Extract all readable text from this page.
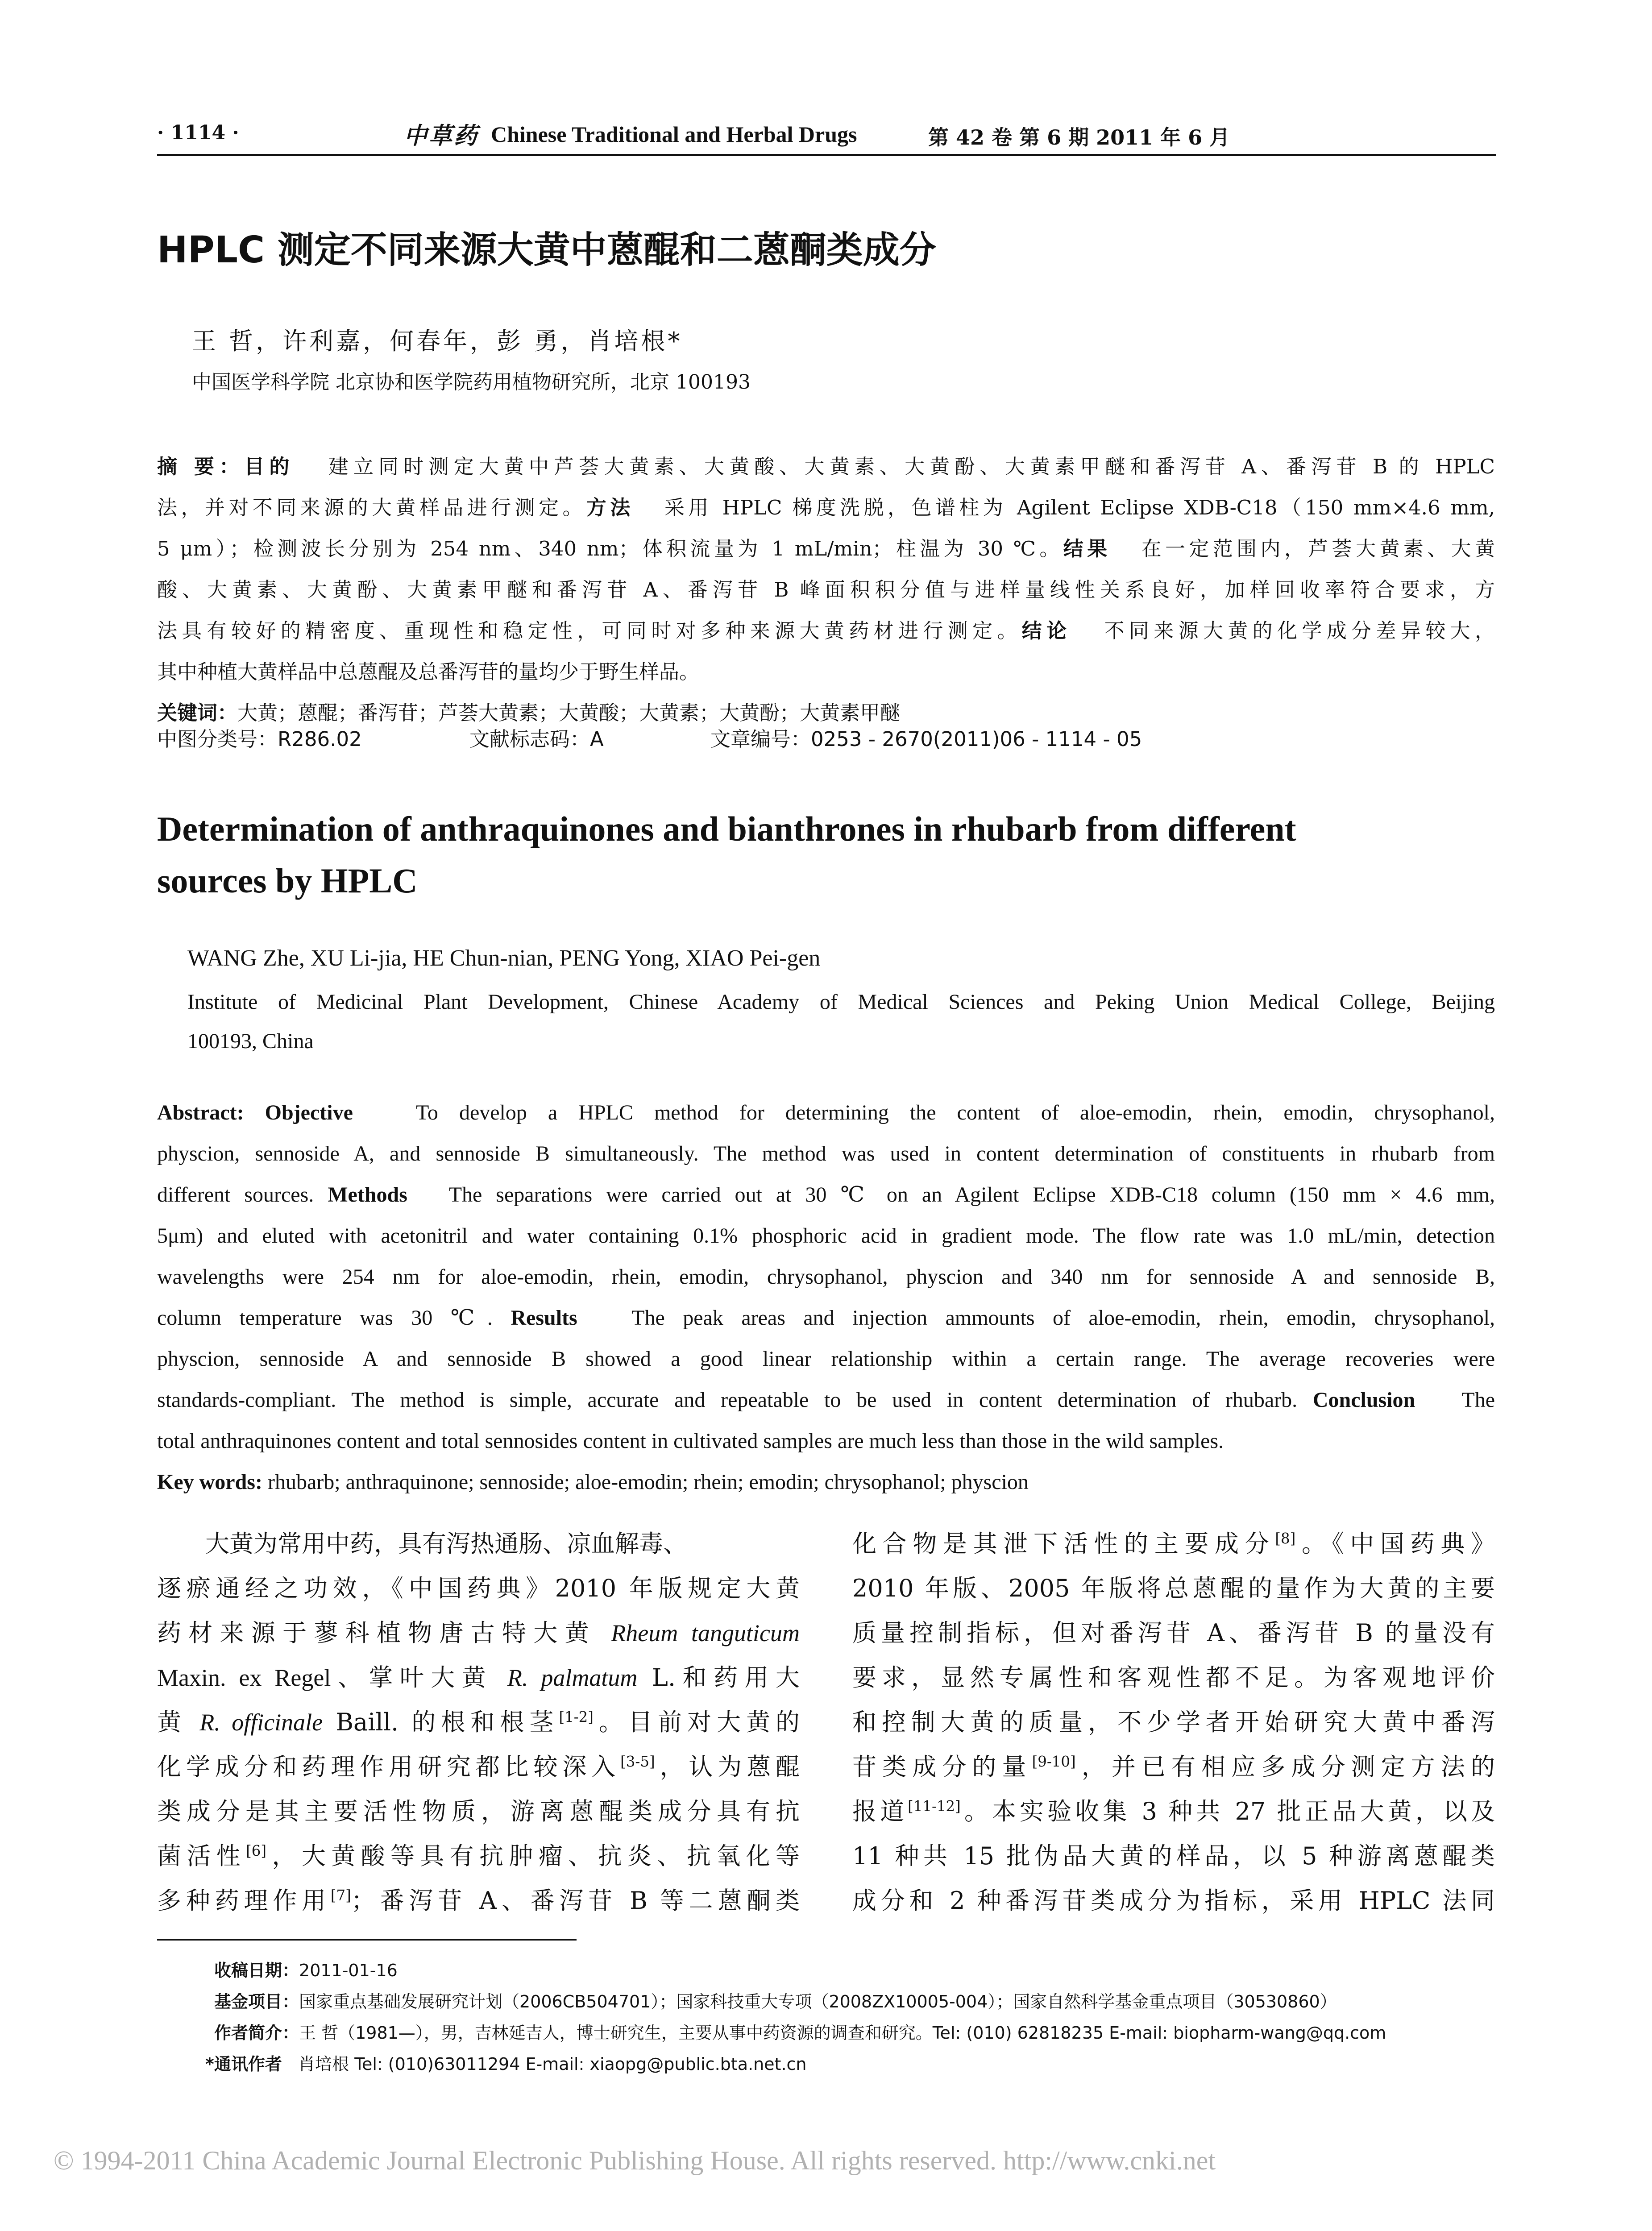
· 1114 ·	中草药 Chinese Traditional and Herbal Drugs	第 42 卷 第 6 期 2011 年 6 月
HPLC 测定不同来源大黄中蒽醌和二蒽酮类成分
王 哲，许利嘉，何春年，彭 勇，肖培根*
中国医学科学院 北京协和医学院药用植物研究所，北京 100193
摘 要：目的 建立同时测定大黄中芦荟大黄素、大黄酸、大黄素、大黄酚、大黄素甲醚和番泻苷 A、番泻苷 B 的 HPLC
法，并对不同来源的大黄样品进行测定。方法 采用 HPLC 梯度洗脱，色谱柱为 Agilent Eclipse XDB-C18（150 mm×4.6 mm,
5 μm）；检测波长分别为 254 nm、340 nm；体积流量为 1 mL/min；柱温为 30 ℃。结果 在一定范围内，芦荟大黄素、大黄
酸、大黄素、大黄酚、大黄素甲醚和番泻苷 A、番泻苷 B 峰面积积分值与进样量线性关系良好，加样回收率符合要求，方
法具有较好的精密度、重现性和稳定性，可同时对多种来源大黄药材进行测定。结论 不同来源大黄的化学成分差异较大，
其中种植大黄样品中总蒽醌及总番泻苷的量均少于野生样品。
关键词：大黄；蒽醌；番泻苷；芦荟大黄素；大黄酸；大黄素；大黄酚；大黄素甲醚
中图分类号：R286.02	文献标志码：A	文章编号：0253 - 2670(2011)06 - 1114 - 05
Determination of anthraquinones and bianthrones in rhubarb from different
sources by HPLC
WANG Zhe, XU Li-jia, HE Chun-nian, PENG Yong, XIAO Pei-gen
Institute of Medicinal Plant Development, Chinese Academy of Medical Sciences and Peking Union Medical College, Beijing
100193, China
Abstract: Objective	To develop a HPLC method for determining the content of aloe-emodin, rhein, emodin, chrysophanol,
physcion, sennoside A, and sennoside B simultaneously. The method was used in content determination of constituents in rhubarb from
different sources. Methods The separations were carried out at 30 ℃ on an Agilent Eclipse XDB-C18 column (150 mm × 4.6 mm,
5μm) and eluted with acetonitril and water containing 0.1% phosphoric acid in gradient mode. The flow rate was 1.0 mL/min, detection
wavelengths were 254 nm for aloe-emodin, rhein, emodin, chrysophanol, physcion and 340 nm for sennoside A and sennoside B,
column temperature was 30 ℃. Results	The peak areas and injection ammounts of aloe-emodin, rhein, emodin, chrysophanol,
physcion, sennoside A and sennoside B showed a good linear relationship within a certain range. The average recoveries were
standards-compliant. The method is simple, accurate and repeatable to be used in content determination of rhubarb. Conclusion The
total anthraquinones content and total sennosides content in cultivated samples are much less than those in the wild samples.
Key words: rhubarb; anthraquinone; sennoside; aloe-emodin; rhein; emodin; chrysophanol; physcion
大黄为常用中药，具有泻热通肠、凉血解毒、
逐瘀通经之功效，《中国药典》2010 年版规定大黄
药材来源于蓼科植物唐古特大黄 Rheum tanguticum
Maxin. ex Regel、掌叶大黄 R. palmatum L.和药用大
黄 R. officinale Baill. 的根和根茎[1-2]。目前对大黄的
化学成分和药理作用研究都比较深入[3-5]，认为蒽醌
类成分是其主要活性物质，游离蒽醌类成分具有抗
菌活性[6]，大黄酸等具有抗肿瘤、抗炎、抗氧化等
多种药理作用[7]；番泻苷 A、番泻苷 B 等二蒽酮类
化合物是其泄下活性的主要成分[8]。《中国药典》
2010 年版、2005 年版将总蒽醌的量作为大黄的主要
质量控制指标，但对番泻苷 A、番泻苷 B 的量没有
要求，显然专属性和客观性都不足。为客观地评价
和控制大黄的质量，不少学者开始研究大黄中番泻
苷类成分的量[9-10]，并已有相应多成分测定方法的
报道[11-12]。本实验收集 3 种共 27 批正品大黄，以及
11 种共 15 批伪品大黄的样品，以 5 种游离蒽醌类
成分和 2 种番泻苷类成分为指标，采用 HPLC 法同
收稿日期：2011-01-16
基金项目：国家重点基础发展研究计划（2006CB504701）；国家科技重大专项（2008ZX10005-004）；国家自然科学基金重点项目（30530860）
作者简介：王 哲（1981—），男，吉林延吉人，博士研究生，主要从事中药资源的调查和研究。Tel: (010) 62818235 E-mail: biopharm-wang@qq.com
*通讯作者 肖培根 Tel: (010)63011294 E-mail: xiaopg@public.bta.net.cn
© 1994-2011 China Academic Journal Electronic Publishing House. All rights reserved. http://www.cnki.net
